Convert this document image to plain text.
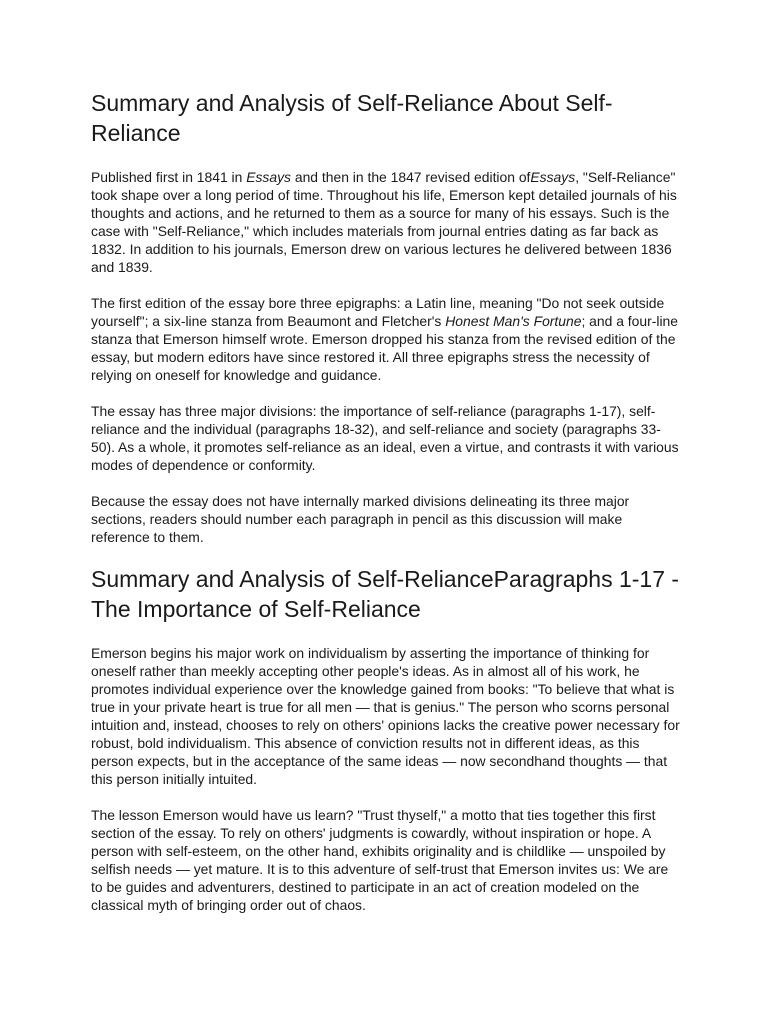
Summary and Analysis of Self-Reliance About Self-Reliance

Published first in 1841 in Essays and then in the 1847 revised edition ofEssays, "Self-Reliance" took shape over a long period of time. Throughout his life, Emerson kept detailed journals of his thoughts and actions, and he returned to them as a source for many of his essays. Such is the case with "Self-Reliance," which includes materials from journal entries dating as far back as 1832. In addition to his journals, Emerson drew on various lectures he delivered between 1836 and 1839.

The first edition of the essay bore three epigraphs: a Latin line, meaning "Do not seek outside yourself"; a six-line stanza from Beaumont and Fletcher's Honest Man's Fortune; and a four-line stanza that Emerson himself wrote. Emerson dropped his stanza from the revised edition of the essay, but modern editors have since restored it. All three epigraphs stress the necessity of relying on oneself for knowledge and guidance.

The essay has three major divisions: the importance of self-reliance (paragraphs 1-17), self-reliance and the individual (paragraphs 18-32), and self-reliance and society (paragraphs 33-50). As a whole, it promotes self-reliance as an ideal, even a virtue, and contrasts it with various modes of dependence or conformity.

Because the essay does not have internally marked divisions delineating its three major sections, readers should number each paragraph in pencil as this discussion will make reference to them.

Summary and Analysis of Self-RelianceParagraphs 1-17 - The Importance of Self-Reliance

Emerson begins his major work on individualism by asserting the importance of thinking for oneself rather than meekly accepting other people's ideas. As in almost all of his work, he promotes individual experience over the knowledge gained from books: "To believe that what is true in your private heart is true for all men — that is genius." The person who scorns personal intuition and, instead, chooses to rely on others' opinions lacks the creative power necessary for robust, bold individualism. This absence of conviction results not in different ideas, as this person expects, but in the acceptance of the same ideas — now secondhand thoughts — that this person initially intuited.

The lesson Emerson would have us learn? "Trust thyself," a motto that ties together this first section of the essay. To rely on others' judgments is cowardly, without inspiration or hope. A person with self-esteem, on the other hand, exhibits originality and is childlike — unspoiled by selfish needs — yet mature. It is to this adventure of self-trust that Emerson invites us: We are to be guides and adventurers, destined to participate in an act of creation modeled on the classical myth of bringing order out of chaos.
